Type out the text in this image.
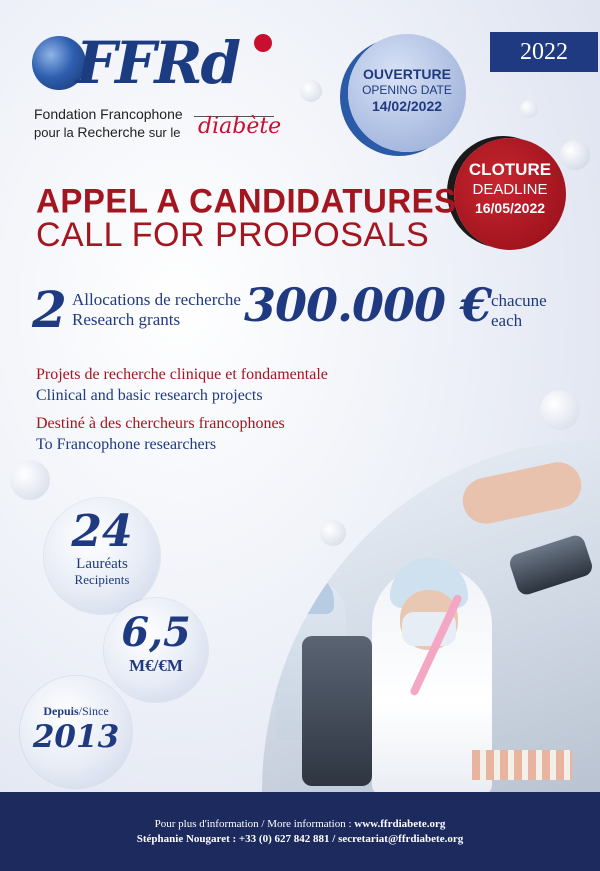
FFRd
Fondation Francophone
pour la Recherche sur le diabète
2022
OUVERTURE
OPENING DATE
14/02/2022
CLOTURE
DEADLINE
16/05/2022
APPEL A CANDIDATURES
CALL FOR PROPOSALS
2 Allocations de recherche
Research grants 300.000 € chacune
each
Projets de recherche clinique et fondamentale
Clinical and basic research projects
Destiné à des chercheurs francophones
To Francophone researchers
24
Lauréats
Recipients
6,5
M€/€M
Depuis/Since
2013
Pour plus d'information / More information : www.ffrdiabete.org
Stéphanie Nougaret : +33 (0) 627 842 881 / secretariat@ffrdiabete.org
